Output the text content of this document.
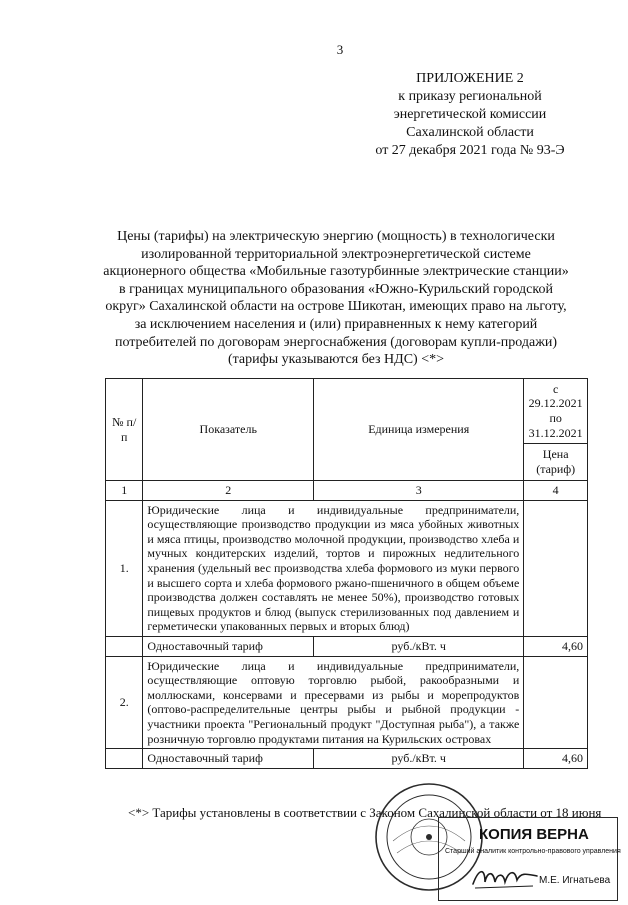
3
ПРИЛОЖЕНИЕ 2
к приказу региональной
энергетической комиссии
Сахалинской области
от 27 декабря 2021 года № 93-Э
Цены (тарифы) на электрическую энергию (мощность) в технологически
изолированной территориальной электроэнергетической системе
акционерного общества «Мобильные газотурбинные электрические станции»
в границах муниципального образования «Южно-Курильский городской
округ» Сахалинской области на острове Шикотан, имеющих право на льготу,
за исключением населения и (или) приравненных к нему категорий
потребителей по договорам энергоснабжения (договорам купли-продажи)
(тарифы указываются без НДС) <*>
№ п/п	Показатель	Единица измерения	с 29.12.2021 по 31.12.2021
			Цена (тариф)
1	2	3	4
1.	Юридические лица и индивидуальные предприниматели, осуществляющие производство продукции из мяса убойных животных и мяса птицы, производство молочной продукции, производство хлеба и мучных кондитерских изделий, тортов и пирожных недлительного хранения (удельный вес производства хлеба формового из муки первого и высшего сорта и хлеба формового ржано-пшеничного в общем объеме производства должен составлять не менее 50%), производство готовых пищевых продуктов и блюд (выпуск стерилизованных под давлением и герметически упакованных первых и вторых блюд)		
	Одноставочный тариф	руб./кВт. ч	4,60
2.	Юридические лица и индивидуальные предприниматели, осуществляющие оптовую торговлю рыбой, ракообразными и моллюсками, консервами и пресервами из рыбы и морепродуктов (оптово-распределительные центры рыбы и рыбной продукции - участники проекта "Региональный продукт "Доступная рыба"), а также розничную торговлю продуктами питания на Курильских островах		
	Одноставочный тариф	руб./кВт. ч	4,60
<*> Тарифы установлены в соответствии с Законом Сахалинской области от 18 июня
КОПИЯ ВЕРНА
Старший аналитик контрольно-правового управления
М.Е. Игнатьева
